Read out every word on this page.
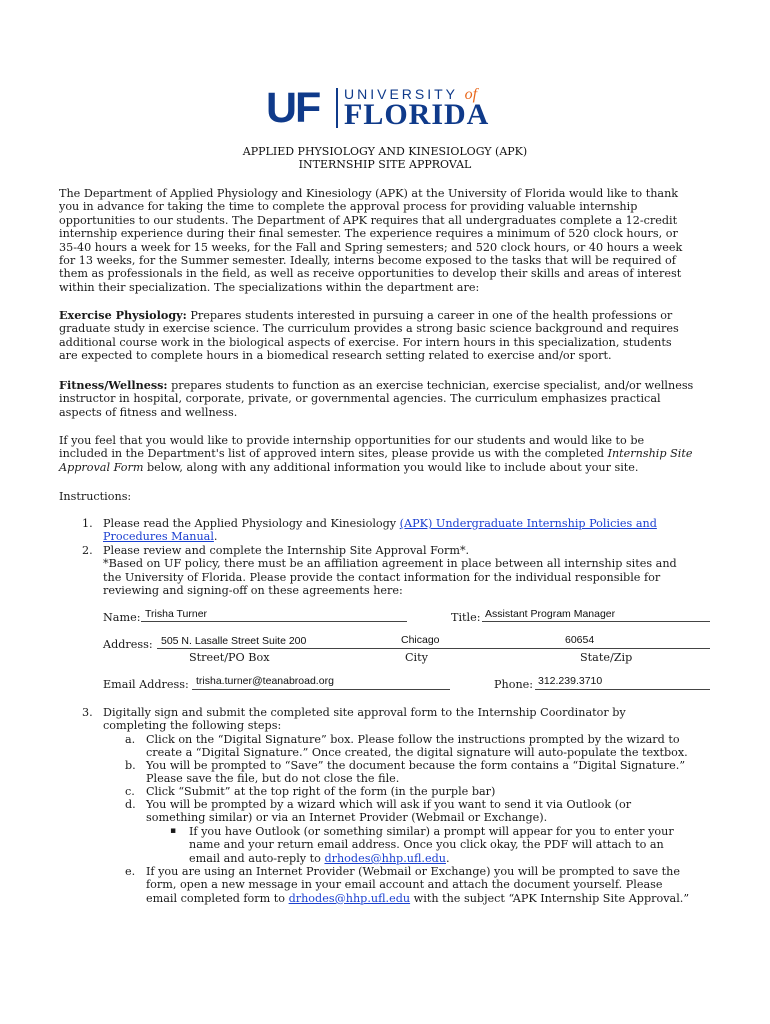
UF UNIVERSITY of
FLORIDA
APPLIED PHYSIOLOGY AND KINESIOLOGY (APK)
INTERNSHIP SITE APPROVAL
The Department of Applied Physiology and Kinesiology (APK) at the University of Florida would like to thank
you in advance for taking the time to complete the approval process for providing valuable internship
opportunities to our students. The Department of APK requires that all undergraduates complete a 12-credit
internship experience during their final semester. The experience requires a minimum of 520 clock hours, or
35-40 hours a week for 15 weeks, for the Fall and Spring semesters; and 520 clock hours, or 40 hours a week
for 13 weeks, for the Summer semester. Ideally, interns become exposed to the tasks that will be required of
them as professionals in the field, as well as receive opportunities to develop their skills and areas of interest
within their specialization. The specializations within the department are:
Exercise Physiology: Prepares students interested in pursuing a career in one of the health professions or
graduate study in exercise science. The curriculum provides a strong basic science background and requires
additional course work in the biological aspects of exercise. For intern hours in this specialization, students
are expected to complete hours in a biomedical research setting related to exercise and/or sport.
Fitness/Wellness: prepares students to function as an exercise technician, exercise specialist, and/or wellness
instructor in hospital, corporate, private, or governmental agencies. The curriculum emphasizes practical
aspects of fitness and wellness.
If you feel that you would like to provide internship opportunities for our students and would like to be
included in the Department's list of approved intern sites, please provide us with the completed Internship Site
Approval Form below, along with any additional information you would like to include about your site.
Instructions:
1. Please read the Applied Physiology and Kinesiology (APK) Undergraduate Internship Policies and
Procedures Manual.
2. Please review and complete the Internship Site Approval Form*.
*Based on UF policy, there must be an affiliation agreement in place between all internship sites and
the University of Florida. Please provide the contact information for the individual responsible for
reviewing and signing-off on these agreements here:
Name: Trisha Turner	Title: Assistant Program Manager
Address: 505 N. Lasalle Street Suite 200	Chicago	60654
Street/PO Box	City	State/Zip
Email Address: trisha.turner@teanabroad.org	Phone: 312.239.3710
3. Digitally sign and submit the completed site approval form to the Internship Coordinator by
completing the following steps:
a. Click on the “Digital Signature” box. Please follow the instructions prompted by the wizard to
create a “Digital Signature.” Once created, the digital signature will auto-populate the textbox.
b. You will be prompted to “Save” the document because the form contains a “Digital Signature.”
Please save the file, but do not close the file.
c. Click “Submit” at the top right of the form (in the purple bar)
d. You will be prompted by a wizard which will ask if you want to send it via Outlook (or
something similar) or via an Internet Provider (Webmail or Exchange).
▪ If you have Outlook (or something similar) a prompt will appear for you to enter your
name and your return email address. Once you click okay, the PDF will attach to an
email and auto-reply to drhodes@hhp.ufl.edu.
e. If you are using an Internet Provider (Webmail or Exchange) you will be prompted to save the
form, open a new message in your email account and attach the document yourself. Please
email completed form to drhodes@hhp.ufl.edu with the subject “APK Internship Site Approval.”
